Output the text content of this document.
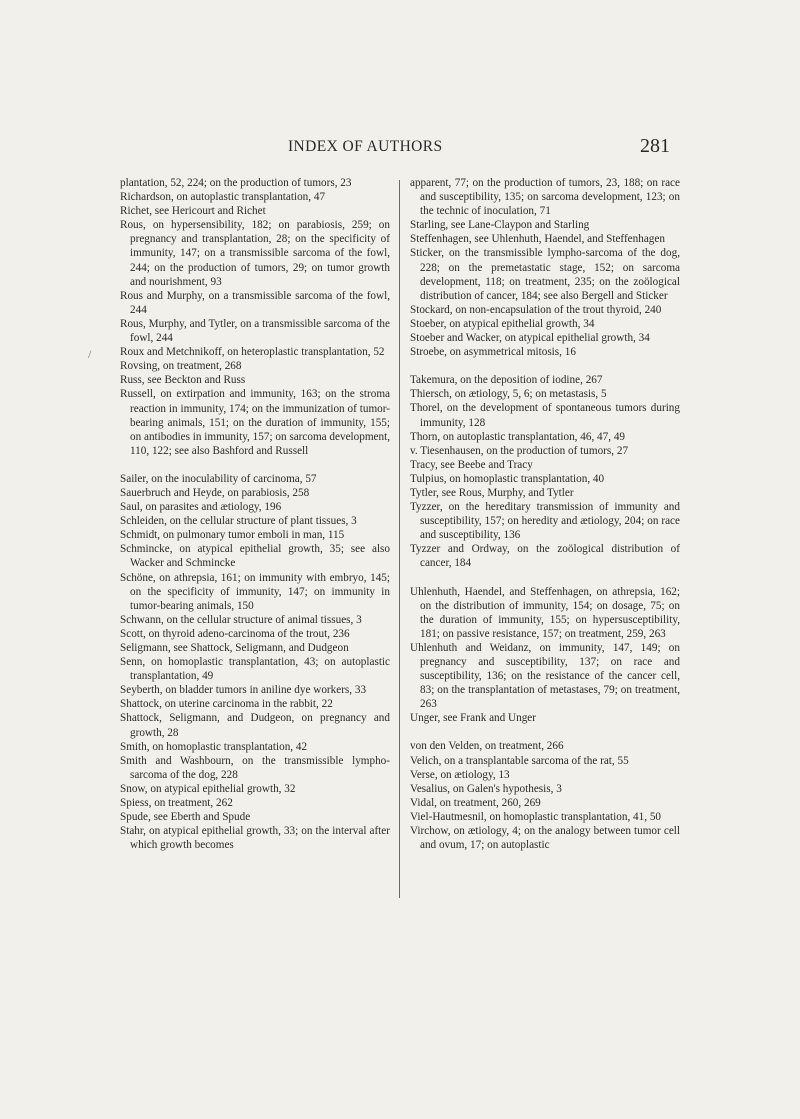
INDEX OF AUTHORS	281
/
plantation, 52, 224; on the production of tumors, 23
Richardson, on autoplastic transplantation, 47
Richet, see Hericourt and Richet
Rous, on hypersensibility, 182; on parabiosis, 259; on pregnancy and transplantation, 28; on the specificity of immunity, 147; on a transmissible sarcoma of the fowl, 244; on the production of tumors, 29; on tumor growth and nourishment, 93
Rous and Murphy, on a transmissible sarcoma of the fowl, 244
Rous, Murphy, and Tytler, on a transmissible sarcoma of the fowl, 244
Roux and Metchnikoff, on heteroplastic transplantation, 52
Rovsing, on treatment, 268
Russ, see Beckton and Russ
Russell, on extirpation and immunity, 163; on the stroma reaction in immunity, 174; on the immunization of tumor-bearing animals, 151; on the duration of immunity, 155; on antibodies in immunity, 157; on sarcoma development, 110, 122; see also Bashford and Russell
Sailer, on the inoculability of carcinoma, 57
Sauerbruch and Heyde, on parabiosis, 258
Saul, on parasites and ætiology, 196
Schleiden, on the cellular structure of plant tissues, 3
Schmidt, on pulmonary tumor emboli in man, 115
Schmincke, on atypical epithelial growth, 35; see also Wacker and Schmincke
Schöne, on athrepsia, 161; on immunity with embryo, 145; on the specificity of immunity, 147; on immunity in tumor-bearing animals, 150
Schwann, on the cellular structure of animal tissues, 3
Scott, on thyroid adeno-carcinoma of the trout, 236
Seligmann, see Shattock, Seligmann, and Dudgeon
Senn, on homoplastic transplantation, 43; on autoplastic transplantation, 49
Seyberth, on bladder tumors in aniline dye workers, 33
Shattock, on uterine carcinoma in the rabbit, 22
Shattock, Seligmann, and Dudgeon, on pregnancy and growth, 28
Smith, on homoplastic transplantation, 42
Smith and Washbourn, on the transmissible lympho-sarcoma of the dog, 228
Snow, on atypical epithelial growth, 32
Spiess, on treatment, 262
Spude, see Eberth and Spude
Stahr, on atypical epithelial growth, 33; on the interval after which growth becomes
apparent, 77; on the production of tumors, 23, 188; on race and susceptibility, 135; on sarcoma development, 123; on the technic of inoculation, 71
Starling, see Lane-Claypon and Starling
Steffenhagen, see Uhlenhuth, Haendel, and Steffenhagen
Sticker, on the transmissible lympho-sarcoma of the dog, 228; on the premetastatic stage, 152; on sarcoma development, 118; on treatment, 235; on the zoölogical distribution of cancer, 184; see also Bergell and Sticker
Stockard, on non-encapsulation of the trout thyroid, 240
Stoeber, on atypical epithelial growth, 34
Stoeber and Wacker, on atypical epithelial growth, 34
Stroebe, on asymmetrical mitosis, 16
Takemura, on the deposition of iodine, 267
Thiersch, on ætiology, 5, 6; on metastasis, 5
Thorel, on the development of spontaneous tumors during immunity, 128
Thorn, on autoplastic transplantation, 46, 47, 49
v. Tiesenhausen, on the production of tumors, 27
Tracy, see Beebe and Tracy
Tulpius, on homoplastic transplantation, 40
Tytler, see Rous, Murphy, and Tytler
Tyzzer, on the hereditary transmission of immunity and susceptibility, 157; on heredity and ætiology, 204; on race and susceptibility, 136
Tyzzer and Ordway, on the zoölogical distribution of cancer, 184
Uhlenhuth, Haendel, and Steffenhagen, on athrepsia, 162; on the distribution of immunity, 154; on dosage, 75; on the duration of immunity, 155; on hypersusceptibility, 181; on passive resistance, 157; on treatment, 259, 263
Uhlenhuth and Weidanz, on immunity, 147, 149; on pregnancy and susceptibility, 137; on race and susceptibility, 136; on the resistance of the cancer cell, 83; on the transplantation of metastases, 79; on treatment, 263
Unger, see Frank and Unger
von den Velden, on treatment, 266
Velich, on a transplantable sarcoma of the rat, 55
Verse, on ætiology, 13
Vesalius, on Galen's hypothesis, 3
Vidal, on treatment, 260, 269
Viel-Hautmesnil, on homoplastic transplantation, 41, 50
Virchow, on ætiology, 4; on the analogy between tumor cell and ovum, 17; on autoplastic
